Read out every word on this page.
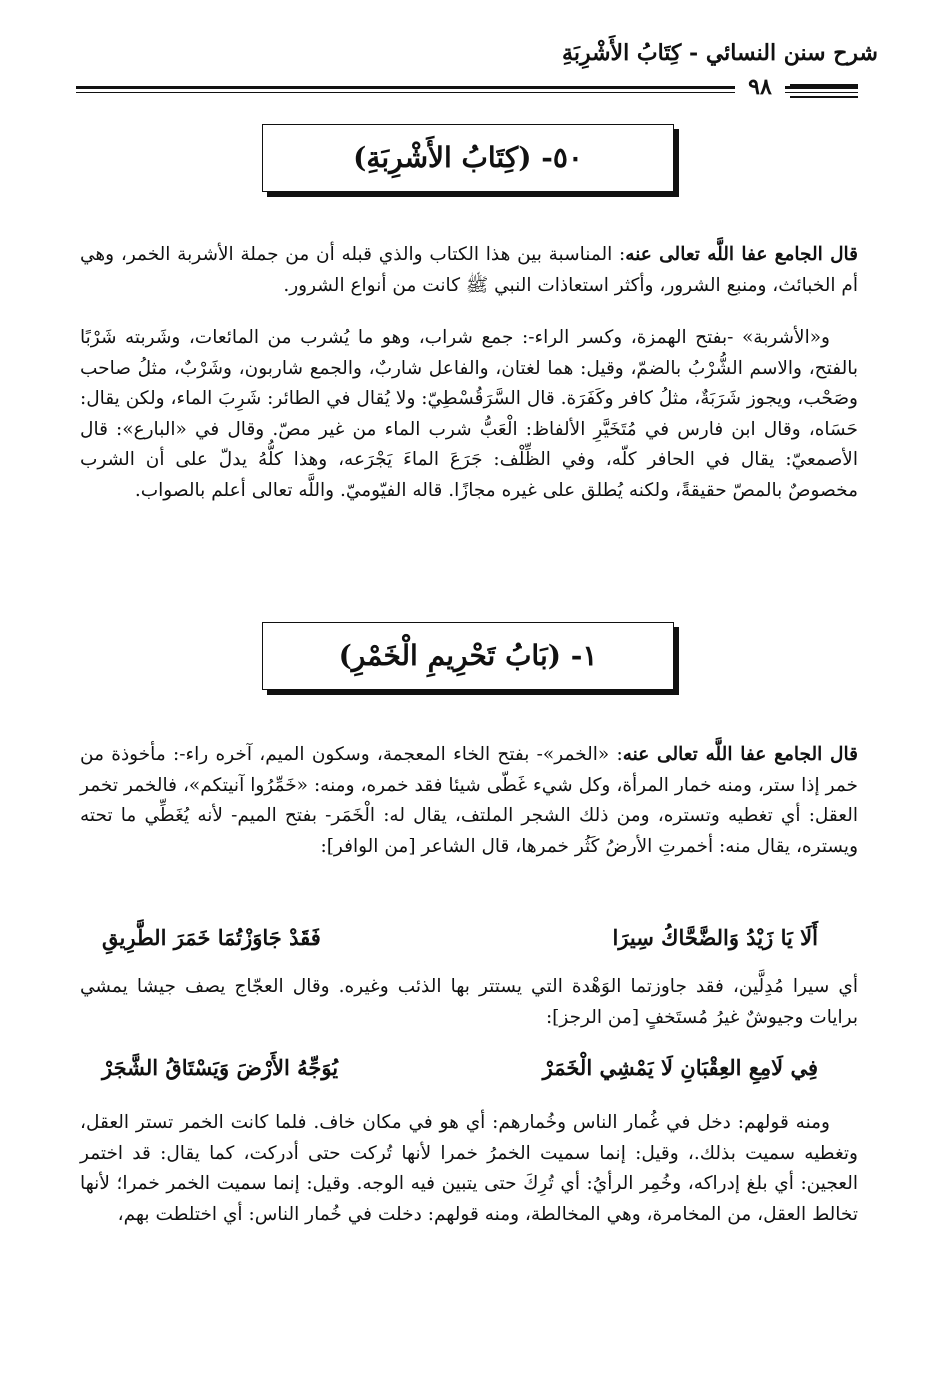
شرح سنن النسائي - كِتَابُ الأَشْرِبَةِ
٩٨
٥٠- (كِتَابُ الأَشْرِبَةِ)

قال الجامع عفا اللَّه تعالى عنه: المناسبة بين هذا الكتاب والذي قبله أن من جملة الأشربة الخمر، وهي أم الخبائث، ومنبع الشرور، وأكثر استعاذات النبي ﷺ كانت من أنواع الشرور.

و«الأشربة» -بفتح الهمزة، وكسر الراء-: جمع شراب، وهو ما يُشرب من المائعات، وشَربته شَرْبًا بالفتح، والاسم الشُّرْبُ بالضمّ، وقيل: هما لغتان، والفاعل شاربٌ، والجمع شاربون، وشَرْبٌ، مثلُ صاحب وصَحْب، ويجوز شَرَبَةٌ، مثلُ كافر وكَفَرَة. قال السَّرَقُسْطِيّ: ولا يُقال في الطائر: شَرِبَ الماء، ولكن يقال: حَسَاه، وقال ابن فارس في مُتَخَيَّرِ الألفاظ: الْعَبُّ شرب الماء من غير مصّ. وقال في «البارع»: قال الأصمعيّ: يقال في الحافر كلّه، وفي الظِّلْف: جَرَعَ الماءَ يَجْرَعه، وهذا كلُّهُ يدلّ على أن الشرب مخصوصٌ بالمصّ حقيقةً، ولكنه يُطلق على غيره مجازًا. قاله الفيّوميّ. واللَّه تعالى أعلم بالصواب.

١- (بَابُ تَحْرِيمِ الْخَمْرِ)

قال الجامع عفا اللَّه تعالى عنه: «الخمر»- بفتح الخاء المعجمة، وسكون الميم، آخره راء-: مأخوذة من خمر إذا ستر، ومنه خمار المرأة، وكل شيء غَطّى شيئا فقد خمره، ومنه: «خَمِّرُوا آنيتكم»، فالخمر تخمر العقل: أي تغطيه وتستره، ومن ذلك الشجر الملتف، يقال له: الْخَمَر- بفتح الميم- لأنه يُغَطِّي ما تحته ويستره، يقال منه: أخمرتِ الأرضُ كَثُر خمرها، قال الشاعر [من الوافر]:

أَلَا يَا زَيْدُ وَالضَّحَّاكُ سِيرَا
فَقَدْ جَاوَزْتُمَا خَمَرَ الطَّرِيقِ

أي سيرا مُدِلَّين، فقد جاوزتما الوَهْدة التي يستتر بها الذئب وغيره. وقال العجّاج يصف جيشا يمشي برايات وجيوشٌ غيرُ مُستَخفٍ [من الرجز]:

فِي لَامِعِ العِقْبَانِ لَا يَمْشِي الْخَمَرْ
يُوَجِّهُ الأَرْضَ وَيَسْتَاقُ الشَّجَرْ

ومنه قولهم: دخل في غُمار الناس وخُمارهم: أي هو في مكان خاف. فلما كانت الخمر تستر العقل، وتغطيه سميت بذلك.، وقيل: إنما سميت الخمرُ خمرا لأنها تُركت حتى أدركت، كما يقال: قد اختمر العجين: أي بلغ إدراكه، وخُمِر الرأيُ: أي تُرِكَ حتى يتبين فيه الوجه. وقيل: إنما سميت الخمر خمرا؛ لأنها تخالط العقل، من المخامرة، وهي المخالطة، ومنه قولهم: دخلت في خُمار الناس: أي اختلطت بهم،
